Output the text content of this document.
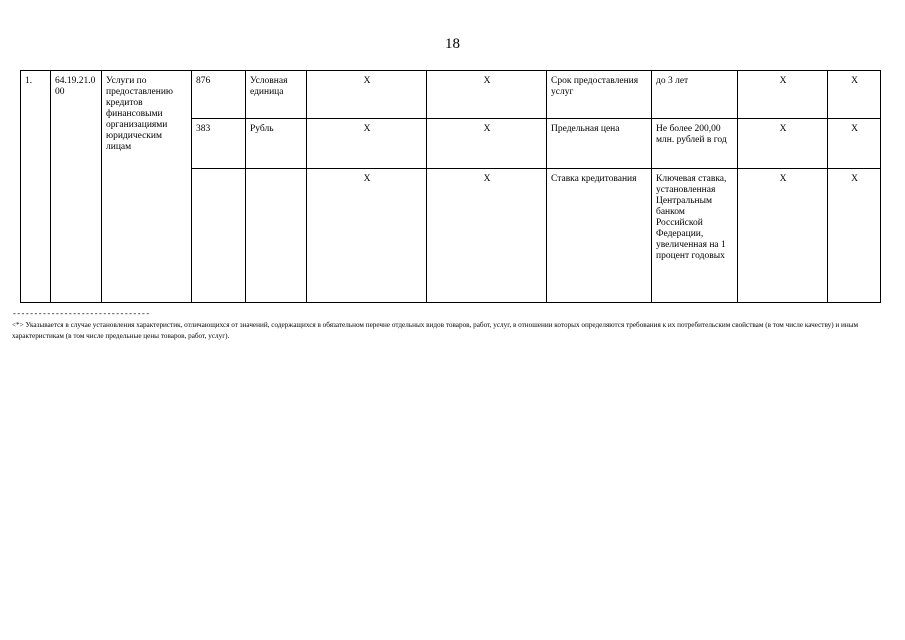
18
1.	64.19.21.000	Услуги по предоставлению кредитов финансовыми организациями юридическим лицам	876	Условная единица	X	X	Срок предоставления услуг	до 3 лет	X	X
			383	Рубль	X	X	Предельная цена	Не более 200,00 млн. рублей в год	X	X
					X	X	Ставка кредитования	Ключевая ставка, установленная Центральным банком Российской Федерации, увеличенная на 1 процент годовых	X	X
--------------------------------
<*> Указывается в случае установления характеристик, отличающихся от значений, содержащихся в обязательном перечне отдельных видов товаров, работ, услуг, в отношении которых определяются требования к их потребительским свойствам (в том числе качеству) и иным характеристикам (в том числе предельные цены товаров, работ, услуг).
